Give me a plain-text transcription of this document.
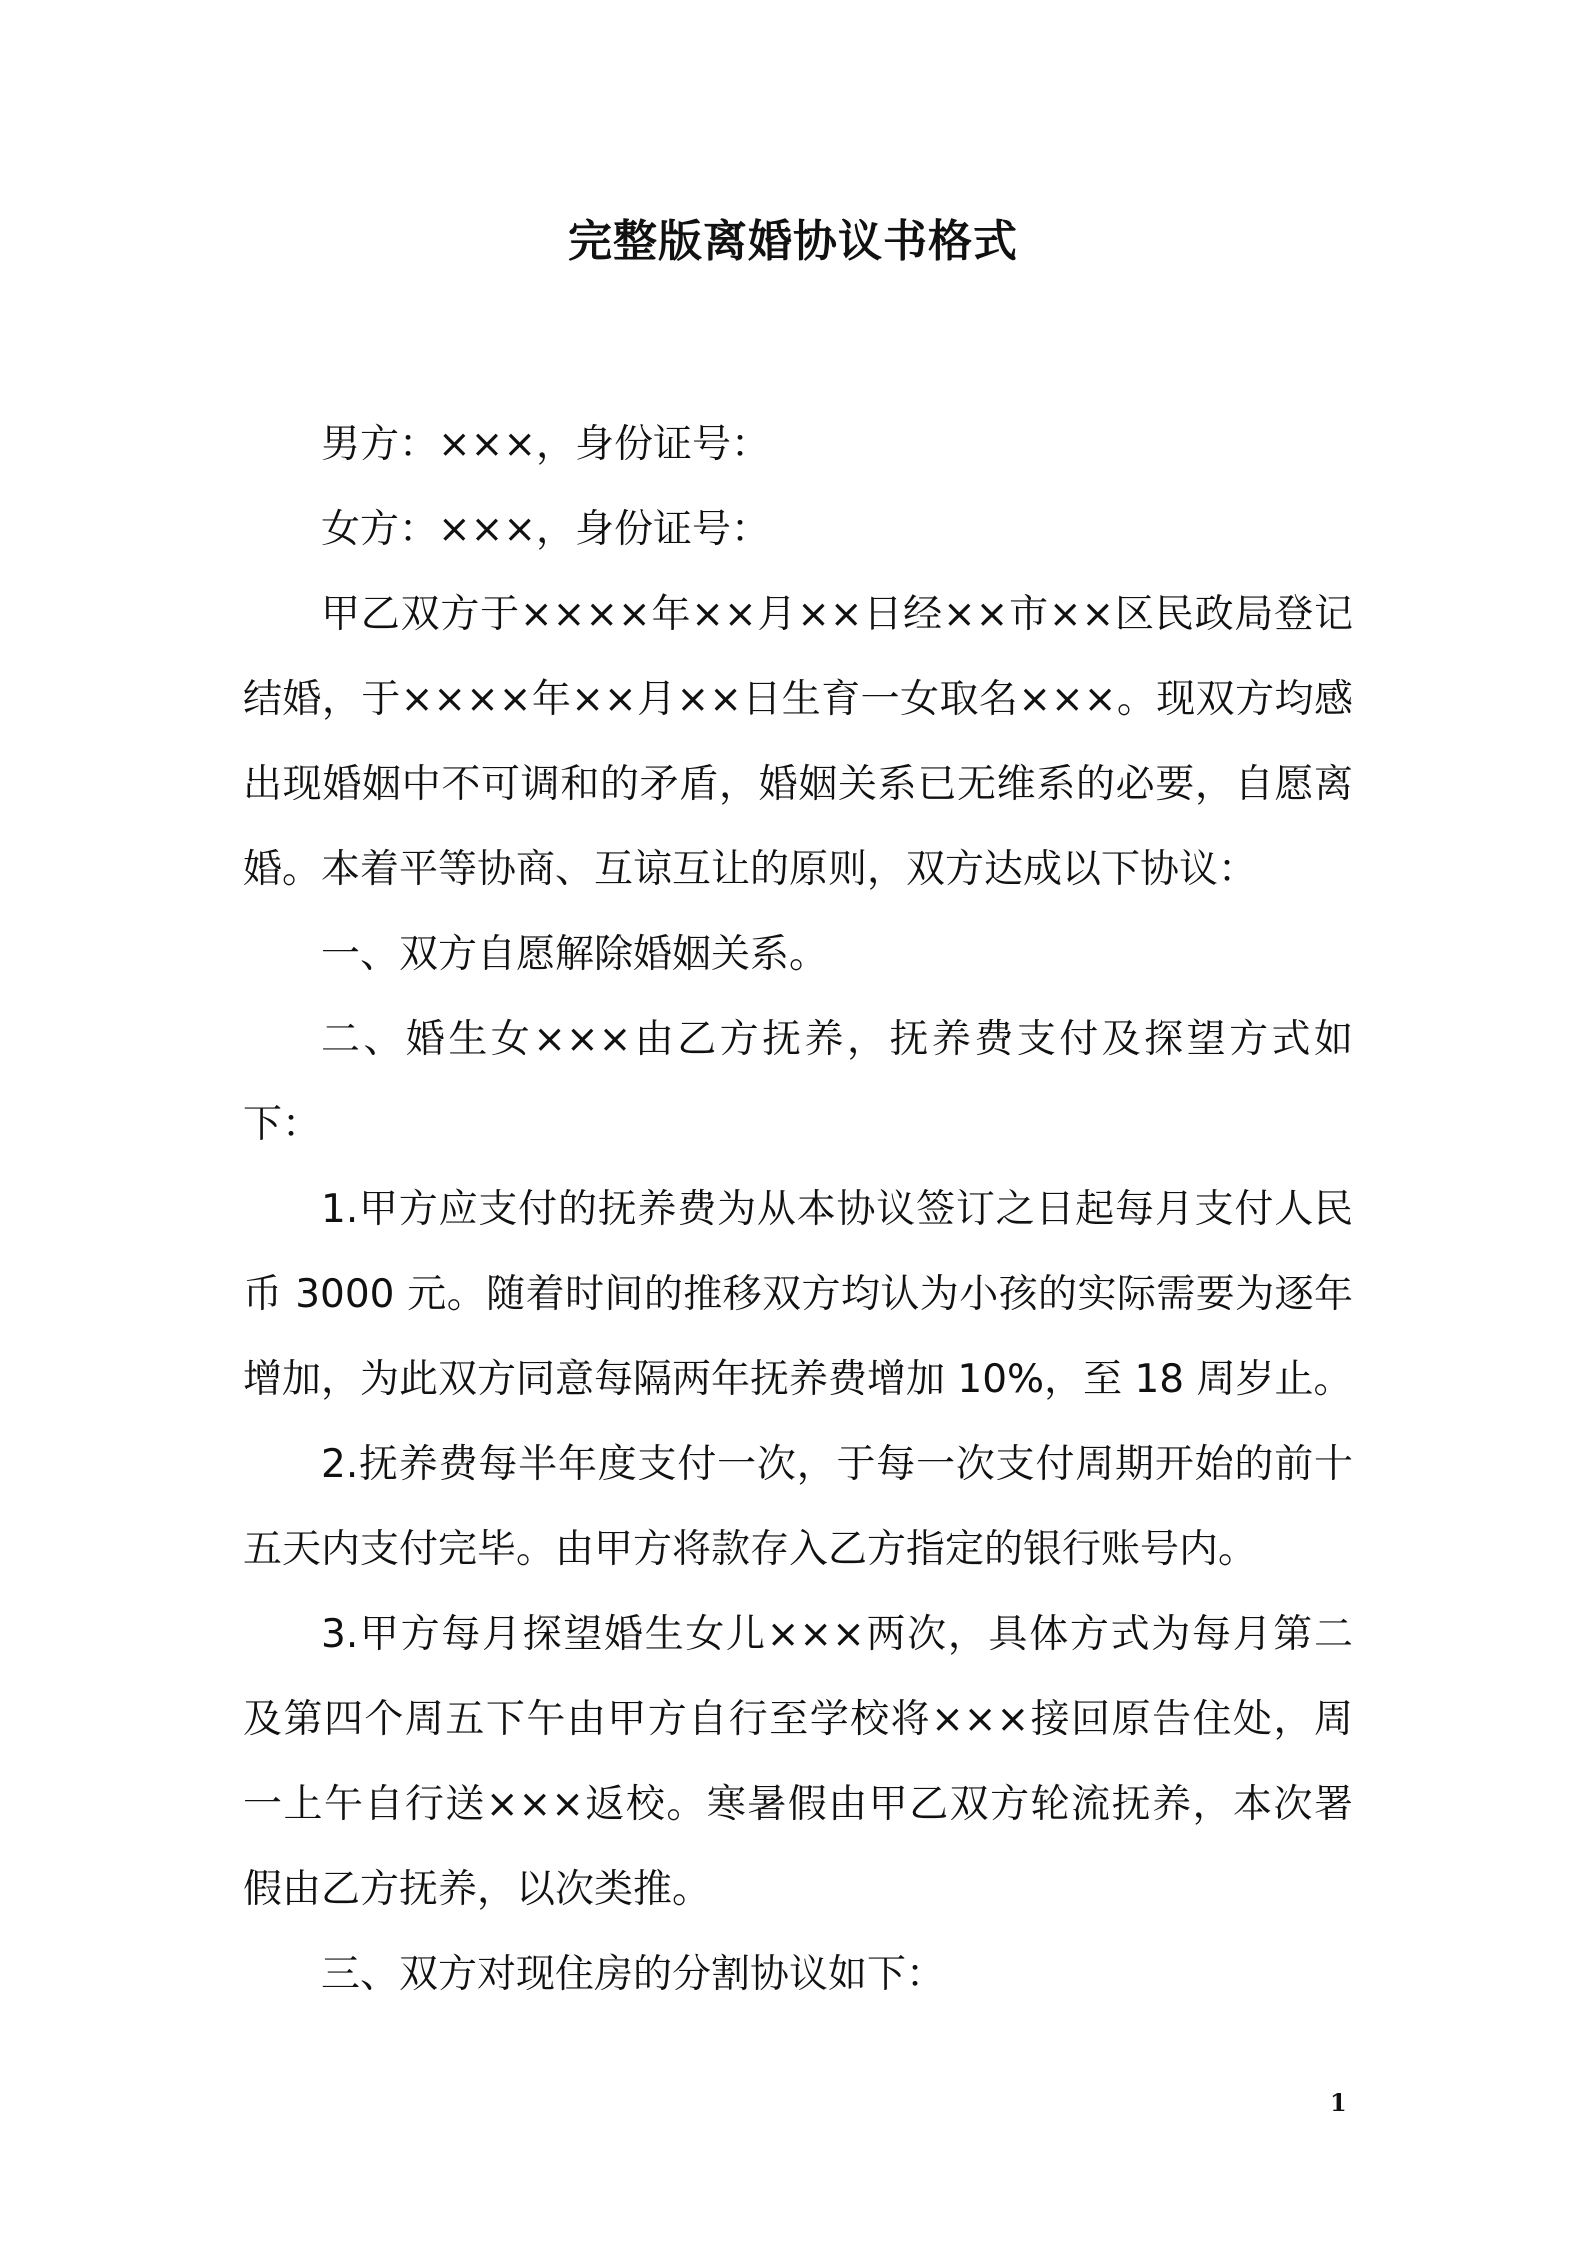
完整版离婚协议书格式

男方：×××，身份证号：

女方：×××，身份证号：

甲乙双方于××××年××月××日经××市××区民政局登记结婚，于××××年××月××日生育一女取名×××。现双方均感出现婚姻中不可调和的矛盾，婚姻关系已无维系的必要，自愿离婚。本着平等协商、互谅互让的原则，双方达成以下协议：

一、双方自愿解除婚姻关系。

二、婚生女×××由乙方抚养，抚养费支付及探望方式如下：

1.甲方应支付的抚养费为从本协议签订之日起每月支付人民币 3000 元。随着时间的推移双方均认为小孩的实际需要为逐年增加，为此双方同意每隔两年抚养费增加 10%，至 18 周岁止。

2.抚养费每半年度支付一次，于每一次支付周期开始的前十五天内支付完毕。由甲方将款存入乙方指定的银行账号内。

3.甲方每月探望婚生女儿×××两次，具体方式为每月第二及第四个周五下午由甲方自行至学校将×××接回原告住处，周一上午自行送×××返校。寒暑假由甲乙双方轮流抚养，本次署假由乙方抚养，以次类推。

三、双方对现住房的分割协议如下：

1
